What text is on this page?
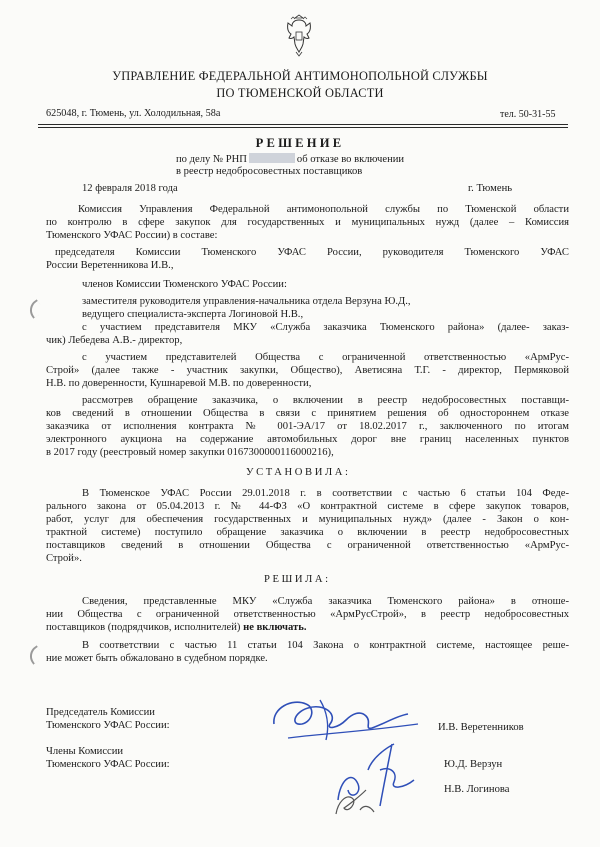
УПРАВЛЕНИЕ ФЕДЕРАЛЬНОЙ АНТИМОНОПОЛЬНОЙ СЛУЖБЫ
ПО ТЮМЕНСКОЙ ОБЛАСТИ
625048, г. Тюмень, ул. Холодильная, 58а	тел. 50-31-55
РЕШЕНИЕ
по делу № РНП	об отказе во включении
в реестр недобросовестных поставщиков
12 февраля 2018 года	г. Тюмень
Комиссия Управления Федеральной антимонопольной службы по Тюменской области
по контролю в сфере закупок для государственных и муниципальных нужд (далее – Комиссия
Тюменского УФАС России) в составе:
председателя Комиссии Тюменского УФАС России, руководителя Тюменского УФАС
России Веретенникова И.В.,
членов Комиссии Тюменского УФАС России:
заместителя руководителя управления-начальника отдела Верзуна Ю.Д.,
ведущего специалиста-эксперта Логиновой Н.В.,
с участием представителя МКУ «Служба заказчика Тюменского района» (далее- заказ-
чик) Лебедева А.В.- директор,
с участием представителей Общества с ограниченной ответственностью «АрмРус-
Строй» (далее также - участник закупки, Общество), Аветисяна Т.Г. - директор, Пермяковой
Н.В. по доверенности, Кушнаревой М.В. по доверенности,
рассмотрев обращение заказчика, о включении в реестр недобросовестных поставщи-
ков сведений в отношении Общества в связи с принятием решения об одностороннем отказе
заказчика от исполнения контракта № 001-ЭА/17 от 18.02.2017 г., заключенного по итогам
электронного аукциона на содержание автомобильных дорог вне границ населенных пунктов
в 2017 году (реестровый номер закупки 0167300000116000216),
УСТАНОВИЛА:
В Тюменское УФАС России 29.01.2018 г. в соответствии с частью 6 статьи 104 Феде-
рального закона от 05.04.2013 г. № 44-ФЗ «О контрактной системе в сфере закупок товаров,
работ, услуг для обеспечения государственных и муниципальных нужд» (далее - Закон о кон-
трактной системе) поступило обращение заказчика о включении в реестр недобросовестных
поставщиков сведений в отношении Общества с ограниченной ответственностью «АрмРус-
Строй».
РЕШИЛА:
Сведения, представленные МКУ «Служба заказчика Тюменского района» в отноше-
нии Общества с ограниченной ответственностью «АрмРусСтрой», в реестр недобросовестных
поставщиков (подрядчиков, исполнителей) не включать.
В соответствии с частью 11 статьи 104 Закона о контрактной системе, настоящее реше-
ние может быть обжаловано в судебном порядке.
Председатель Комиссии
Тюменского УФАС России:	И.В. Веретенников
Члены Комиссии
Тюменского УФАС России:	Ю.Д. Верзун
Н.В. Логинова
